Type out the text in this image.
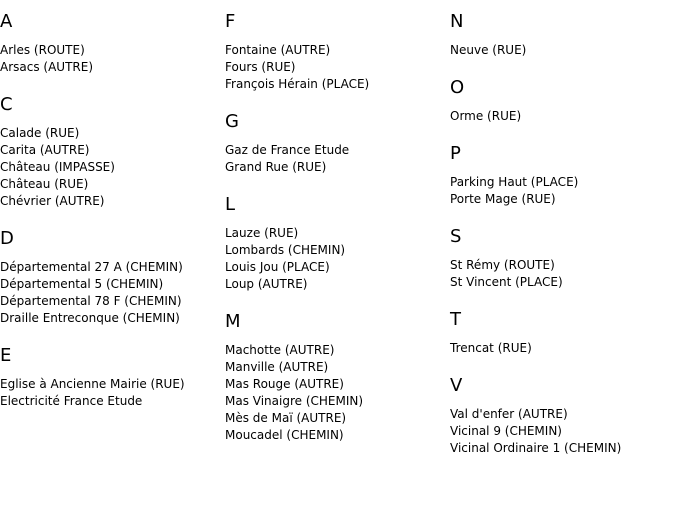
A
Arles (ROUTE)
Arsacs (AUTRE)
C
Calade (RUE)
Carita (AUTRE)
Château (IMPASSE)
Château (RUE)
Chévrier (AUTRE)
D
Départemental 27 A (CHEMIN)
Départemental 5 (CHEMIN)
Départemental 78 F (CHEMIN)
Draille Entreconque (CHEMIN)
E
Eglise à Ancienne Mairie (RUE)
Electricité France Etude
F
Fontaine (AUTRE)
Fours (RUE)
François Hérain (PLACE)
G
Gaz de France Etude
Grand Rue (RUE)
L
Lauze (RUE)
Lombards (CHEMIN)
Louis Jou (PLACE)
Loup (AUTRE)
M
Machotte (AUTRE)
Manville (AUTRE)
Mas Rouge (AUTRE)
Mas Vinaigre (CHEMIN)
Mès de Maï (AUTRE)
Moucadel (CHEMIN)
N
Neuve (RUE)
O
Orme (RUE)
P
Parking Haut (PLACE)
Porte Mage (RUE)
S
St Rémy (ROUTE)
St Vincent (PLACE)
T
Trencat (RUE)
V
Val d'enfer (AUTRE)
Vicinal 9 (CHEMIN)
Vicinal Ordinaire 1 (CHEMIN)
